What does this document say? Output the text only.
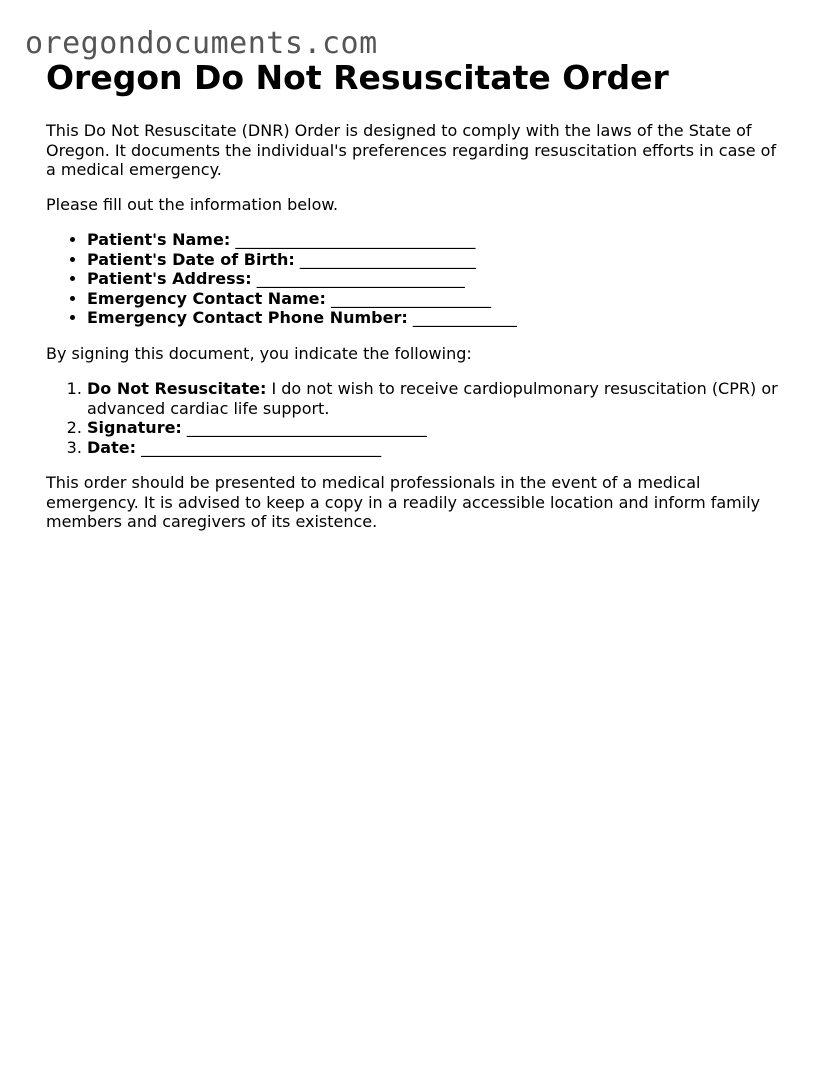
oregondocuments.com
Oregon Do Not Resuscitate Order

This Do Not Resuscitate (DNR) Order is designed to comply with the laws of the State of Oregon. It documents the individual's preferences regarding resuscitation efforts in case of a medical emergency.

Please fill out the information below.

• Patient's Name: ______________________________
• Patient's Date of Birth: ______________________
• Patient's Address: __________________________
• Emergency Contact Name: ____________________
• Emergency Contact Phone Number: _____________

By signing this document, you indicate the following:

1. Do Not Resuscitate: I do not wish to receive cardiopulmonary resuscitation (CPR) or advanced cardiac life support.
2. Signature: ______________________________
3. Date: ______________________________

This order should be presented to medical professionals in the event of a medical emergency. It is advised to keep a copy in a readily accessible location and inform family members and caregivers of its existence.
